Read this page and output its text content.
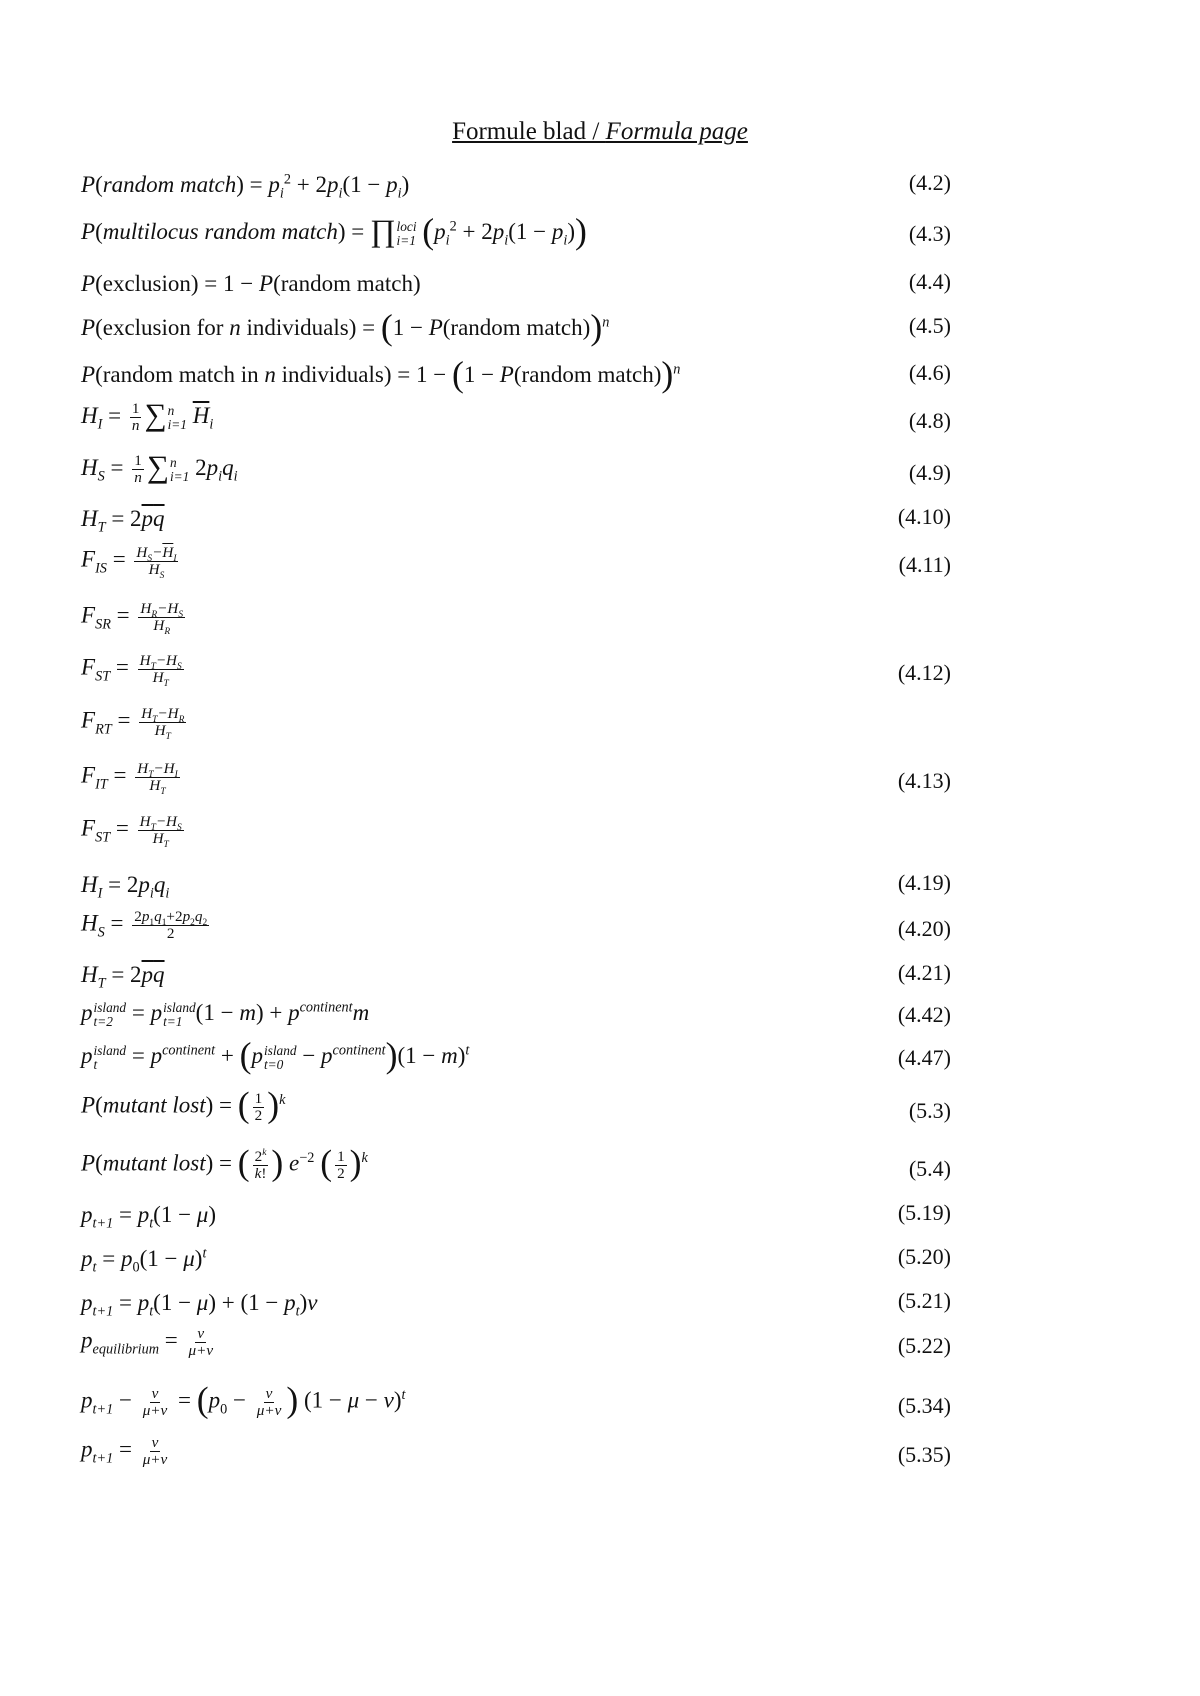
Formule blad / Formula page
P(random match) = $p_i^2 + 2p_i(1 - p_i)$	(4.2)
P(multilocus random match) = ∏ loci
i=1 $(p_i^2 + 2p_i(1 - p_i))$	(4.3)
P(exclusion) = 1 − P(random match)	(4.4)
P(exclusion for n individuals) = (1 − P(random match))$^n$	(4.5)
P(random match in n individuals) = 1 − (1 − P(random match))$^n$	(4.6)
$H_I = \frac{1}{n}$ ∑ n
i=1 $\overline{H}_i$	(4.8)
$H_S = \frac{1}{n}$ ∑ n
i=1 $2p_iq_i$	(4.9)
$H_T = 2\overline{p}\overline{q}$	(4.10)
$F_{IS} = \frac{H_S-\overline{H}_I}{H_S}$	(4.11)
$F_{SR} = \frac{H_R-H_S}{H_R}$
$F_{ST} = \frac{H_T-H_S}{H_T}$	(4.12)
$F_{RT} = \frac{H_T-H_R}{H_T}$
$F_{IT} = \frac{H_T-H_I}{H_T}$	(4.13)
$F_{ST} = \frac{H_T-H_S}{H_T}$
$H_I = 2p_iq_i$	(4.19)
$H_S = \frac{2p_1q_1+2p_2q_2}{2}$	(4.20)
$H_T = 2\overline{p}\overline{q}$	(4.21)
p island
t=2 = p island
t=1 $(1 - m) + p^{continent}m$	(4.42)
p island
t	= $p^{continent} + (p$ island
$t=0 - p^{continent})(1 - m)^t$	(4.47)
P(mutant lost) = ( $\frac{1}{2} )^k$	(5.3)
P(mutant lost) = ( $\frac{2^k}{k!}$ ) $e^{-2}$ ( $\frac{1}{2} )^k$	(5.4)
$p_{t+1} = p_t(1 - \mu)$	(5.19)
$p_t = p_0(1 - \mu)^t$	(5.20)
$p_{t+1} = p_t(1 - \mu) + (1 - p_t)\nu$	(5.21)
$p_{equilibrium} = \frac{\nu}{\mu+\nu}$	(5.22)
$p_{t+1} - \frac{\nu}{\mu+\nu} = (p_0 - \frac{\nu}{\mu+\nu}$ ) $(1 - \mu - \nu)^t$	(5.34)
$p_{t+1} = \frac{\nu}{\mu+\nu}$	(5.35)
